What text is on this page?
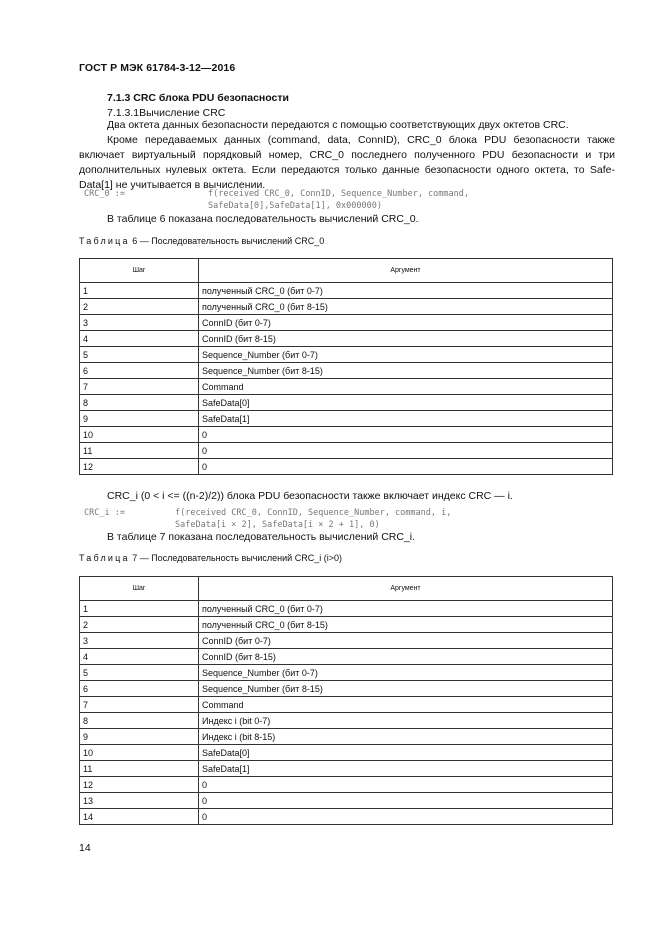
ГОСТ Р МЭК 61784-3-12—2016
7.1.3 CRC блока PDU безопасности
7.1.3.1Вычисление CRC
Два октета данных безопасности передаются с помощью соответствующих двух октетов CRC.
Кроме передаваемых данных (command, data, ConnID), CRC_0 блока PDU безопасности также включает виртуальный порядковый номер, CRC_0 последнего полученного PDU безопасности и три дополнительных нулевых октета. Если передаются только данные безопасности одного октета, то Safe-Data[1] не учитывается в вычислении.
CRC_0 :=	f(received CRC_0, ConnID, Sequence_Number, command,
SafeData[0],SafeData[1], 0x000000)
В таблице 6 показана последовательность вычислений CRC_0.
Таблица 6 — Последовательность вычислений CRC_0
Шаг	Аргумент
1	полученный CRC_0 (бит 0-7)
2	полученный CRC_0 (бит 8-15)
3	ConnID (бит 0-7)
4	ConnID (бит 8-15)
5	Sequence_Number (бит 0-7)
6	Sequence_Number (бит 8-15)
7	Command
8	SafeData[0]
9	SafeData[1]
10	0
11	0
12	0
CRC_i (0 < i <= ((n-2)/2)) блока PDU безопасности также включает индекс CRC — i.
CRC_i :=	f(received CRC_0, ConnID, Sequence_Number, command, i,
SafeData[i × 2], SafeData[i × 2 + 1], 0)
В таблице 7 показана последовательность вычислений CRC_i.
Таблица 7 — Последовательность вычислений CRC_i (i>0)
Шаг	Аргумент
1	полученный CRC_0 (бит 0-7)
2	полученный CRC_0 (бит 8-15)
3	ConnID (бит 0-7)
4	ConnID (бит 8-15)
5	Sequence_Number (бит 0-7)
6	Sequence_Number (бит 8-15)
7	Command
8	Индекс i (bit 0-7)
9	Индекс i (bit 8-15)
10	SafeData[0]
11	SafeData[1]
12	0
13	0
14	0
14
